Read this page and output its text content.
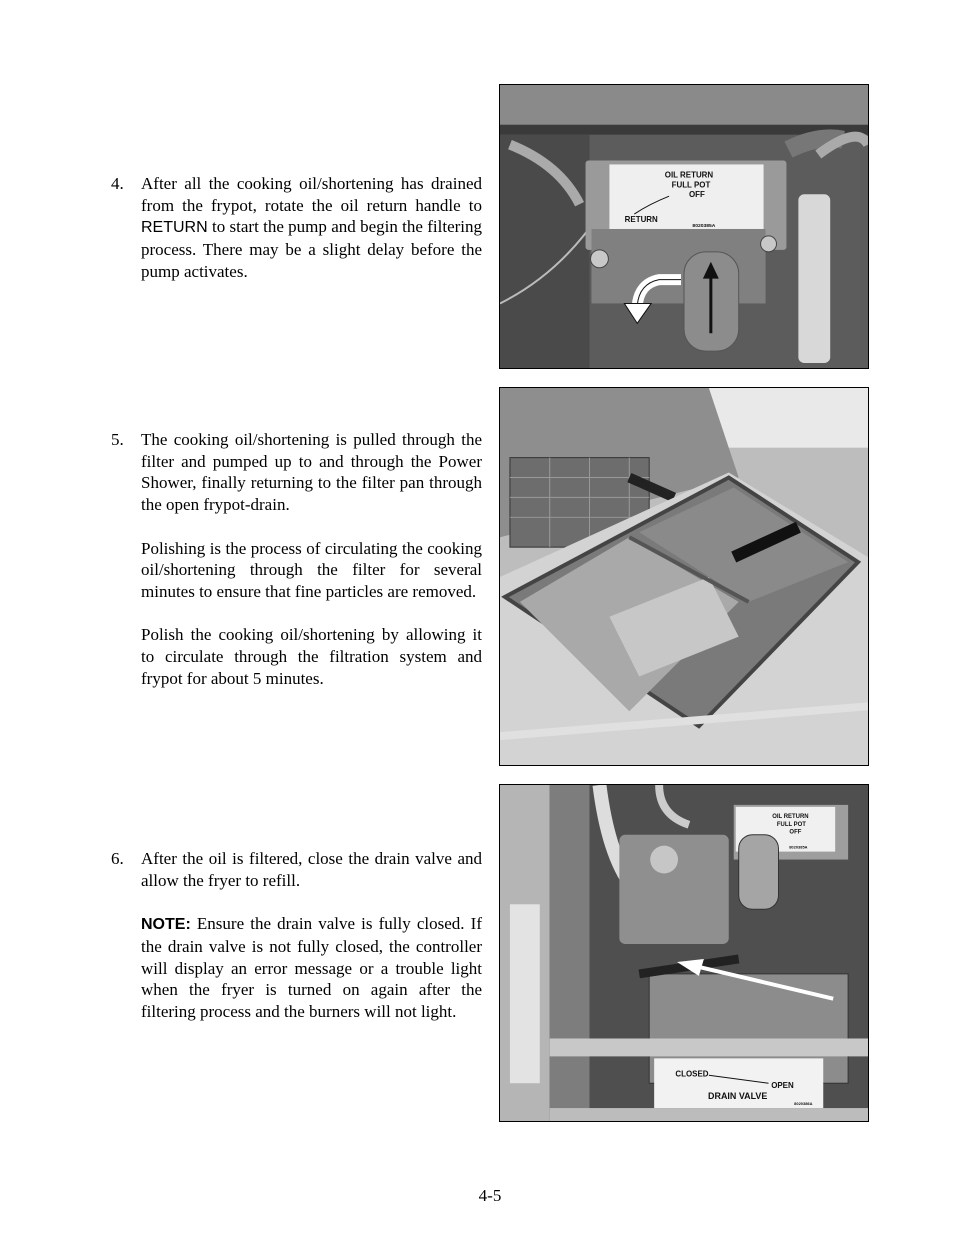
4. After all the cooking oil/shortening has drained from the frypot, rotate the oil return handle to RETURN to start the pump and begin the filtering process. There may be a slight delay before the pump activates.

OIL RETURN
FULL POT
OFF
RETURN
8020385A
5. The cooking oil/shortening is pulled through the filter and pumped up to and through the Power Shower, finally returning to the filter pan through the open frypot-drain.

Polishing is the process of circulating the cooking oil/shortening through the filter for several minutes to ensure that fine particles are removed.

Polish the cooking oil/shortening by allowing it to circulate through the filtration system and frypot for about 5 minutes.

6. After the oil is filtered, close the drain valve and allow the fryer to refill.

NOTE: Ensure the drain valve is fully closed. If the drain valve is not fully closed, the controller will display an error message or a trouble light when the fryer is turned on again after the filtering process and the burners will not light.

OIL RETURN
FULL POT
OFF
8020385A
CLOSED
OPEN
DRAIN VALVE
8020386A
4-5
